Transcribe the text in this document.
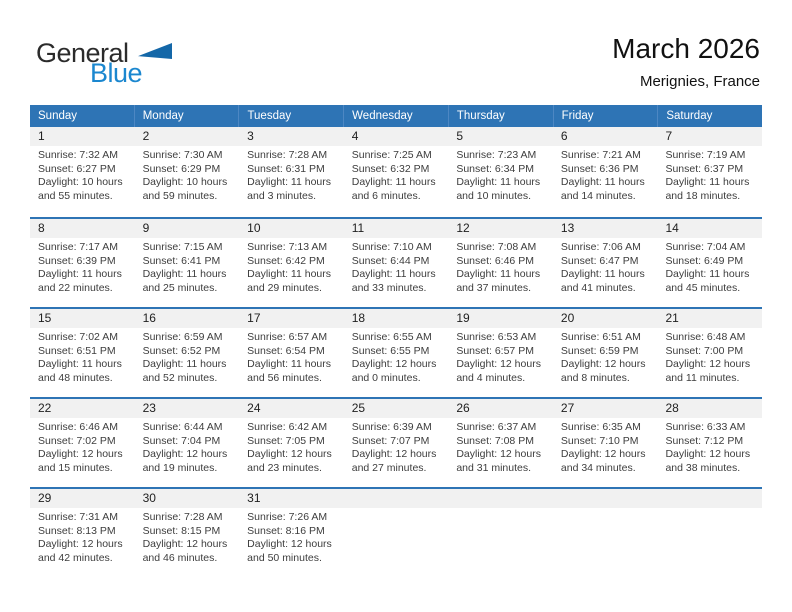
General
Blue
March 2026
Merignies, France
Sunday	Monday	Tuesday	Wednesday	Thursday	Friday	Saturday
1	2	3	4	5	6	7
Sunrise: 7:32 AM
Sunset: 6:27 PM
Daylight: 10 hours
and 55 minutes.
Sunrise: 7:30 AM
Sunset: 6:29 PM
Daylight: 10 hours
and 59 minutes.
Sunrise: 7:28 AM
Sunset: 6:31 PM
Daylight: 11 hours
and 3 minutes.
Sunrise: 7:25 AM
Sunset: 6:32 PM
Daylight: 11 hours
and 6 minutes.
Sunrise: 7:23 AM
Sunset: 6:34 PM
Daylight: 11 hours
and 10 minutes.
Sunrise: 7:21 AM
Sunset: 6:36 PM
Daylight: 11 hours
and 14 minutes.
Sunrise: 7:19 AM
Sunset: 6:37 PM
Daylight: 11 hours
and 18 minutes.
8	9	10	11	12	13	14
Sunrise: 7:17 AM
Sunset: 6:39 PM
Daylight: 11 hours
and 22 minutes.
Sunrise: 7:15 AM
Sunset: 6:41 PM
Daylight: 11 hours
and 25 minutes.
Sunrise: 7:13 AM
Sunset: 6:42 PM
Daylight: 11 hours
and 29 minutes.
Sunrise: 7:10 AM
Sunset: 6:44 PM
Daylight: 11 hours
and 33 minutes.
Sunrise: 7:08 AM
Sunset: 6:46 PM
Daylight: 11 hours
and 37 minutes.
Sunrise: 7:06 AM
Sunset: 6:47 PM
Daylight: 11 hours
and 41 minutes.
Sunrise: 7:04 AM
Sunset: 6:49 PM
Daylight: 11 hours
and 45 minutes.
15	16	17	18	19	20	21
Sunrise: 7:02 AM
Sunset: 6:51 PM
Daylight: 11 hours
and 48 minutes.
Sunrise: 6:59 AM
Sunset: 6:52 PM
Daylight: 11 hours
and 52 minutes.
Sunrise: 6:57 AM
Sunset: 6:54 PM
Daylight: 11 hours
and 56 minutes.
Sunrise: 6:55 AM
Sunset: 6:55 PM
Daylight: 12 hours
and 0 minutes.
Sunrise: 6:53 AM
Sunset: 6:57 PM
Daylight: 12 hours
and 4 minutes.
Sunrise: 6:51 AM
Sunset: 6:59 PM
Daylight: 12 hours
and 8 minutes.
Sunrise: 6:48 AM
Sunset: 7:00 PM
Daylight: 12 hours
and 11 minutes.
22	23	24	25	26	27	28
Sunrise: 6:46 AM
Sunset: 7:02 PM
Daylight: 12 hours
and 15 minutes.
Sunrise: 6:44 AM
Sunset: 7:04 PM
Daylight: 12 hours
and 19 minutes.
Sunrise: 6:42 AM
Sunset: 7:05 PM
Daylight: 12 hours
and 23 minutes.
Sunrise: 6:39 AM
Sunset: 7:07 PM
Daylight: 12 hours
and 27 minutes.
Sunrise: 6:37 AM
Sunset: 7:08 PM
Daylight: 12 hours
and 31 minutes.
Sunrise: 6:35 AM
Sunset: 7:10 PM
Daylight: 12 hours
and 34 minutes.
Sunrise: 6:33 AM
Sunset: 7:12 PM
Daylight: 12 hours
and 38 minutes.
29	30	31
Sunrise: 7:31 AM
Sunset: 8:13 PM
Daylight: 12 hours
and 42 minutes.
Sunrise: 7:28 AM
Sunset: 8:15 PM
Daylight: 12 hours
and 46 minutes.
Sunrise: 7:26 AM
Sunset: 8:16 PM
Daylight: 12 hours
and 50 minutes.
